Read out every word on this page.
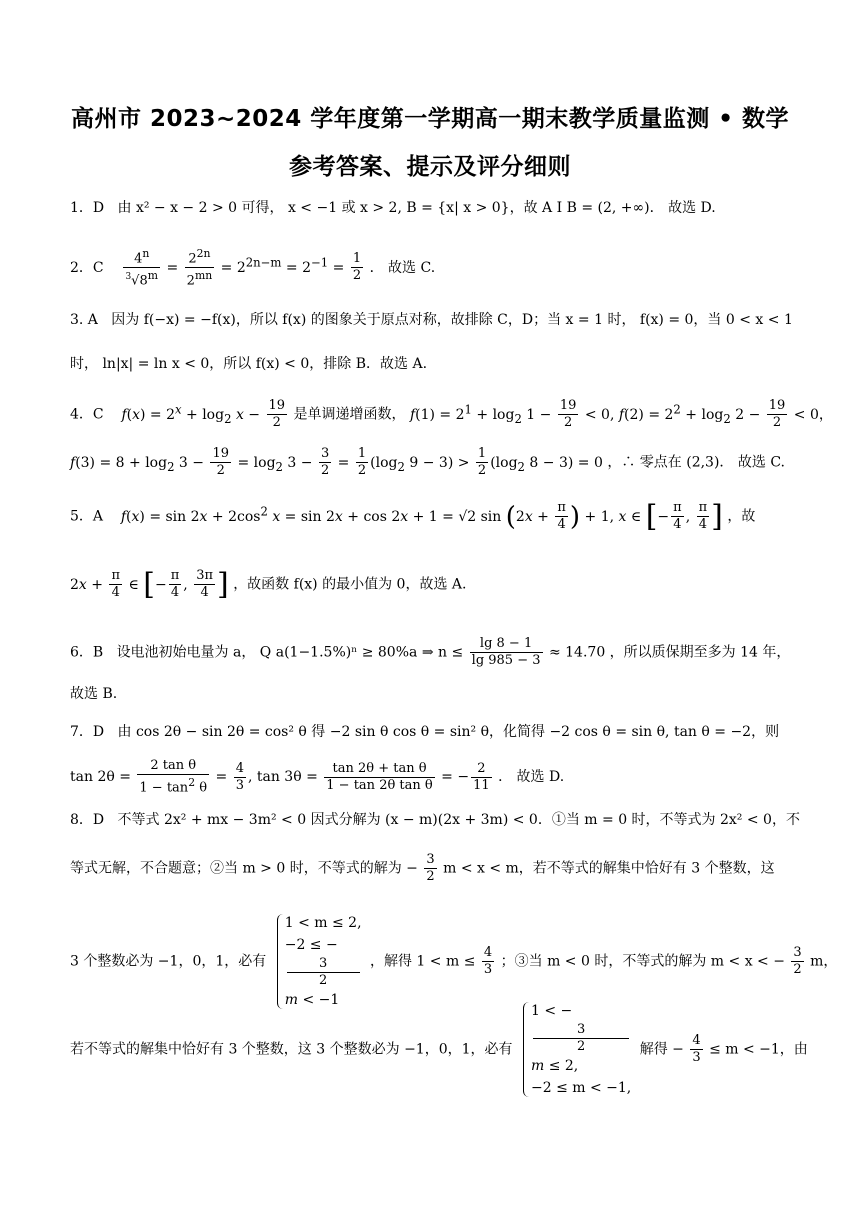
高州市 2023~2024 学年度第一学期高一期末教学质量监测 • 数学
参考答案、提示及评分细则
1．D 由 x² − x − 2 > 0 可得， x < −1 或 x > 2, B = {x| x > 0}，故 A I B = (2, +∞)． 故选 D.
2．C $\frac{4^n}{^3√8^m} = \frac{2^{2n}}{2^{mn}} = 2^{2n-m} = 2^{-1} = \frac{1}{2}$ ． 故选 C.
3. A 因为 f(−x) = −f(x)，所以 f(x) 的图象关于原点对称，故排除 C，D；当 x = 1 时， f(x) = 0，当 0 < x < 1
时， ln|x| = ln x < 0，所以 f(x) < 0，排除 B．故选 A.
4．C $f(x) = 2^x + \log_2 x - \frac{19}{2}$ 是单调递增函数， $f(1) = 2^1 + \log_2 1 - \frac{19}{2} < 0$, $f(2) = 2^2 + \log_2 2 - \frac{19}{2} < 0$，
$f(3) = 8 + \log_2 3 - \frac{19}{2} = \log_2 3 - \frac{3}{2} = \frac{1}{2} (\log_2$ $9 - 3) > \frac{1}{2} (\log_2$ 8 − 3) = 0 ，∴ 零点在 (2,3)． 故选 C.
5．A $f(x) = \sin 2x + 2\cos^2$ x = sin 2x + cos 2x + 1 = √2 $\sin (2x + \frac{\pi}{4}$ ) + 1, x ∈ [− $\frac{\pi}{4}$ , $\frac{\pi}{4}$ ] ，故
$2x + \frac{\pi}{4}$ ∈ [− $\frac{\pi}{4}$ , $\frac{3\pi}{4}$ ] ，故函数 f(x) 的最小值为 0，故选 A.
6．B 设电池初始电量为 a， Q a(1−1.5%)ⁿ ≥ 80%a ⇒ $n \le \frac{\lg 8 - 1}{\lg 985 - 3} \approx 14.70$ ，所以质保期至多为 14 年，
故选 B.
7．D 由 cos 2θ − sin 2θ = cos² θ 得 −2 sin θ cos θ = sin² θ，化简得 −2 cos θ = sin θ, tan θ = −2，则
$\tan 2\theta = \frac{\text{2 tan θ}}{1 - \tan^2 \theta} = \frac{4}{3}$ , $\tan 3\theta = \frac{\text{tan 2θ + tan θ}}{\text{1 − tan 2θ tan θ}}$ = − $\frac{2}{11}$ ． 故选 D.
8．D 不等式 2x² + mx − 3m² < 0 因式分解为 (x − m)(2x + 3m) < 0．①当 m = 0 时，不等式为 2x² < 0，不
等式无解，不合题意；②当 m > 0 时，不等式的解为 − $\frac{3}{2}$ m < x < m，若不等式的解集中恰好有 3 个整数，这
3 个整数必为 −1，0，1，必有
1 < m ≤ 2,
−2 ≤ −
3
2
m < −1
，解得 $1 < m \le \frac{4}{3}$ ；③当 m < 0 时，不等式的解为 m < x < − $\frac{3}{2}$ m，
若不等式的解集中恰好有 3 个整数，这 3 个整数必为 −1，0，1，必有
1 < −
3
2
m ≤ 2,
−2 ≤ m < −1,
解得 − $\frac{4}{3} \le m < -1$，由
